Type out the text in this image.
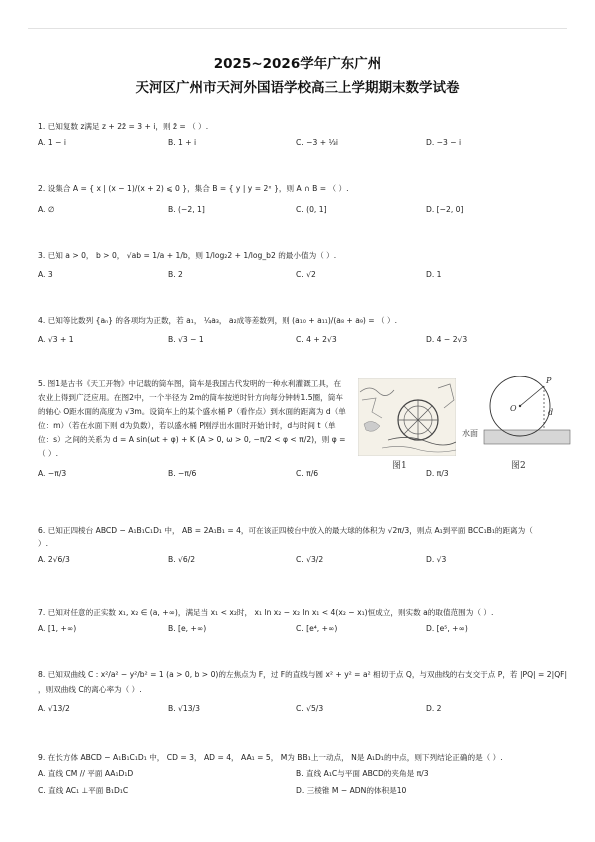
2025~2026学年广东广州
天河区广州市天河外国语学校高三上学期期末数学试卷
1. 已知复数 z满足 z + 2z̄ = 3 + i，则 z̄ = （ ）.
A. 1 − i	B. 1 + i	C. −3 + ⅓i	D. −3 − i
2. 设集合 A = { x | (x − 1)/(x + 2) ⩽ 0 }，集合 B = { y | y = 2ˣ }，则 A ∩ B = （ ）.
A. ∅	B. (−2, 1]	C. (0, 1]	D. [−2, 0]
3. 已知 a > 0， b > 0， √ab = 1/a + 1/b，则 1/log₂2 + 1/log_b2 的最小值为（ ）.
A. 3	B. 2	C. √2	D. 1
4. 已知等比数列 {aₙ} 的各项均为正数，若 a₁， ¼a₃， a₂成等差数列，则 (a₁₀ + a₁₁)/(a₈ + a₉) = （ ）.
A. √3 + 1	B. √3 − 1	C. 4 + 2√3	D. 4 − 2√3
5. 图1是古书《天工开物》中记载的筒车图，筒车是我国古代发明的一种水利灌溉工具，在农业上得到广泛应用。在图2中，一个半径为 2m的筒车按逆时针方向每分钟转1.5圈，筒车的轴心 O距水面的高度为 √3m。设筒车上的某个盛水桶 P（看作点）到水面的距离为 d（单位：m）（若在水面下则 d为负数），若以盛水桶 P刚浮出水面时开始计时，d与时间 t（单位：s）之间的关系为 d = A sin(ωt + φ) + K (A > 0, ω > 0, −π/2 < φ < π/2)，则 φ = （ ）.
A. −π/3	B. −π/6	C. π/6	D. π/3
图1
P
O	d
水面
图2
6. 已知正四棱台 ABCD − A₁B₁C₁D₁ 中， AB = 2A₁B₁ = 4，可在该正四棱台中放入的最大球的体积为 √2π/3，则点 A₁到平面 BCC₁B₁的距离为（
）.
A. 2√6/3	B. √6/2	C. √3/2	D. √3
7. 已知对任意的正实数 x₁, x₂ ∈ (a, +∞)，满足当 x₁ < x₂时， x₁ ln x₂ − x₂ ln x₁ < 4(x₂ − x₁)恒成立，则实数 a的取值范围为（ ）.
A. [1, +∞)	B. [e, +∞)	C. [e⁴, +∞)	D. [e⁵, +∞)
8. 已知双曲线 C : x²/a² − y²/b² = 1 (a > 0, b > 0)的左焦点为 F，过 F的直线与圆 x² + y² = a² 相切于点 Q，与双曲线的右支交于点 P，若 |PQ| = 2|QF|
，则双曲线 C的离心率为（ ）.
A. √13/2	B. √13/3	C. √5/3	D. 2
9. 在长方体 ABCD − A₁B₁C₁D₁ 中， CD = 3， AD = 4， AA₁ = 5， M为 BB₁上一动点， N是 A₁D₁的中点，则下列结论正确的是（ ）.
A. 直线 CM // 平面 AA₁D₁D	B. 直线 A₁C与平面 ABCD的夹角是 π/3
C. 直线 AC₁ ⊥平面 B₁D₁C	D. 三棱锥 M − ADN的体积是10
